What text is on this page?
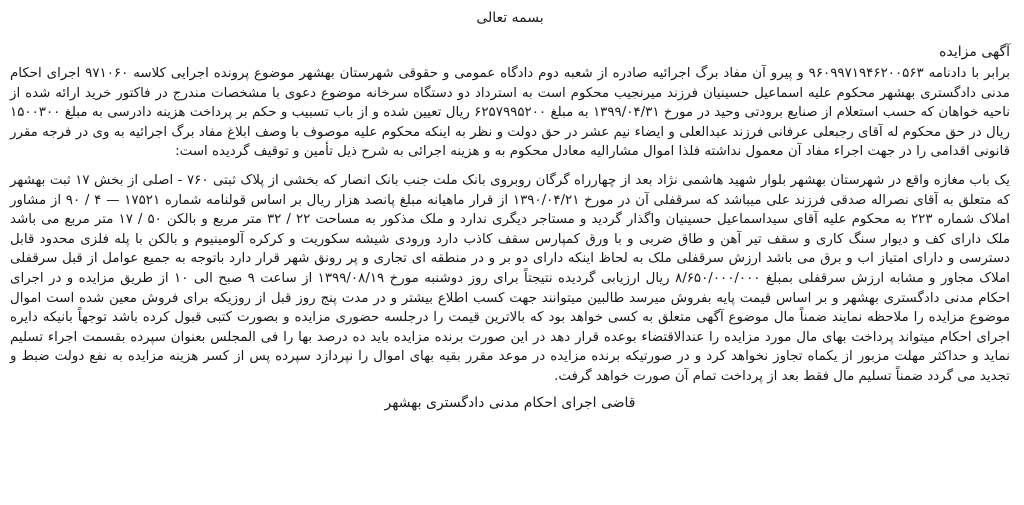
بسمه تعالی
آگهی مزایده

برابر با دادنامه ۹۶۰۹۹۷۱۹۴۶۲۰۰۵۶۳ و پیرو آن مفاد برگ اجرائیه صادره از شعبه دوم دادگاه عمومی و حقوقی شهرستان بهشهر موضوع پرونده اجرایی کلاسه ۹۷۱۰۶۰ اجرای احکام مدنی دادگستری بهشهر محکوم علیه اسماعیل حسینیان فرزند میرنجیب محکوم است به استرداد دو دستگاه سرخانه موضوع دعوی با مشخصات مندرج در فاکتور خرید ارائه شده از ناحیه خواهان که حسب استعلام از صنایع برودتی وحید در مورخ ۱۳۹۹/۰۴/۳۱ به مبلغ ۶۲۵۷۹۹۵۲۰۰ ریال تعیین شده و از باب تسبیب و حکم بر پرداخت هزینه دادرسی به مبلغ ۱۵۰۰۳۰۰ ریال در حق محکوم له آقای رجبعلی عرفانی فرزند عبدالعلی و ایضاء نیم عشر در حق دولت و نظر به اینکه محکوم علیه موصوف با وصف ابلاغ مفاد برگ اجرائیه به وی در فرجه مقرر قانونی اقدامی را در جهت اجراء مفاد آن معمول نداشته فلذا اموال مشارالیه معادل محکوم به و هزینه اجرائی به شرح ذیل تأمین و توقیف گردیده است:

یک باب مغازه واقع در شهرستان بهشهر بلوار شهید هاشمی نژاد بعد از چهارراه گرگان روبروی بانک ملت جنب بانک انصار که بخشی از پلاک ثبتی ۷۶۰ - اصلی از بخش ۱۷ ثبت بهشهر که متعلق به آقای نصراله صدقی فرزند علی میباشد که سرقفلی آن در مورخ ۱۳۹۰/۰۴/۲۱ از قرار ماهیانه مبلغ پانصد هزار ریال بر اساس قولنامه شماره ۱۷۵۲۱ — ۴ / ۹۰ از مشاور املاک شماره ۲۲۳ به محکوم علیه آقای سیداسماعیل حسینیان واگذار گردید و مستاجر دیگری ندارد و ملک مذکور به مساحت ۲۲ / ۳۲ متر مربع و بالکن ۵۰ / ۱۷ متر مربع می باشد ملک دارای کف و دیوار سنگ کاری و سقف تیر آهن و طاق ضربی و با ورق کمپارس سقف کاذب دارد ورودی شیشه سکوریت و کرکره آلومینیوم و بالکن با پله فلزی محدود قابل دسترسی و دارای امتیاز اب و برق می باشد ارزش سرقفلی ملک به لحاظ اینکه دارای دو بر و در منطقه ای تجاری و پر رونق شهر قرار دارد باتوجه به جمیع عوامل از قبل سرقفلی املاک مجاور و مشابه ارزش سرقفلی بمبلغ ۸/۶۵۰/۰۰۰/۰۰۰ ریال ارزیابی گردیده نتیجتاً برای روز دوشنبه مورخ ۱۳۹۹/۰۸/۱۹ از ساعت ۹ صبح الی ۱۰ از طریق مزایده و در اجرای احکام مدنی دادگستری بهشهر و بر اساس قیمت پایه بفروش میرسد طالبین میتوانند جهت کسب اطلاع بیشتر و در مدت پنج روز قبل از روزیکه برای فروش معین شده است اموال موضوع مزایده را ملاحظه نمایند ضمناً مال موضوع آگهی متعلق به کسی خواهد بود که بالاترین قیمت را درجلسه حضوری مزایده و بصورت کتبی قبول کرده باشد توجهاً بانیکه دایره اجرای احکام میتواند پرداخت بهای مال مورد مزایده را عندالاقتضاء بوعده قرار دهد در این صورت برنده مزایده باید ده درصد بها را فی المجلس بعنوان سپرده بقسمت اجراء تسلیم نماید و حداکثر مهلت مزبور از یکماه تجاوز نخواهد کرد و در صورتیکه برنده مزایده در موعد مقرر بقیه بهای اموال را نپردازد سپرده پس از کسر هزینه مزایده به نفع دولت ضبط و تجدید می گردد ضمناً تسلیم مال فقط بعد از پرداخت تمام آن صورت خواهد گرفت.

قاضی اجرای احکام مدنی دادگستری بهشهر
